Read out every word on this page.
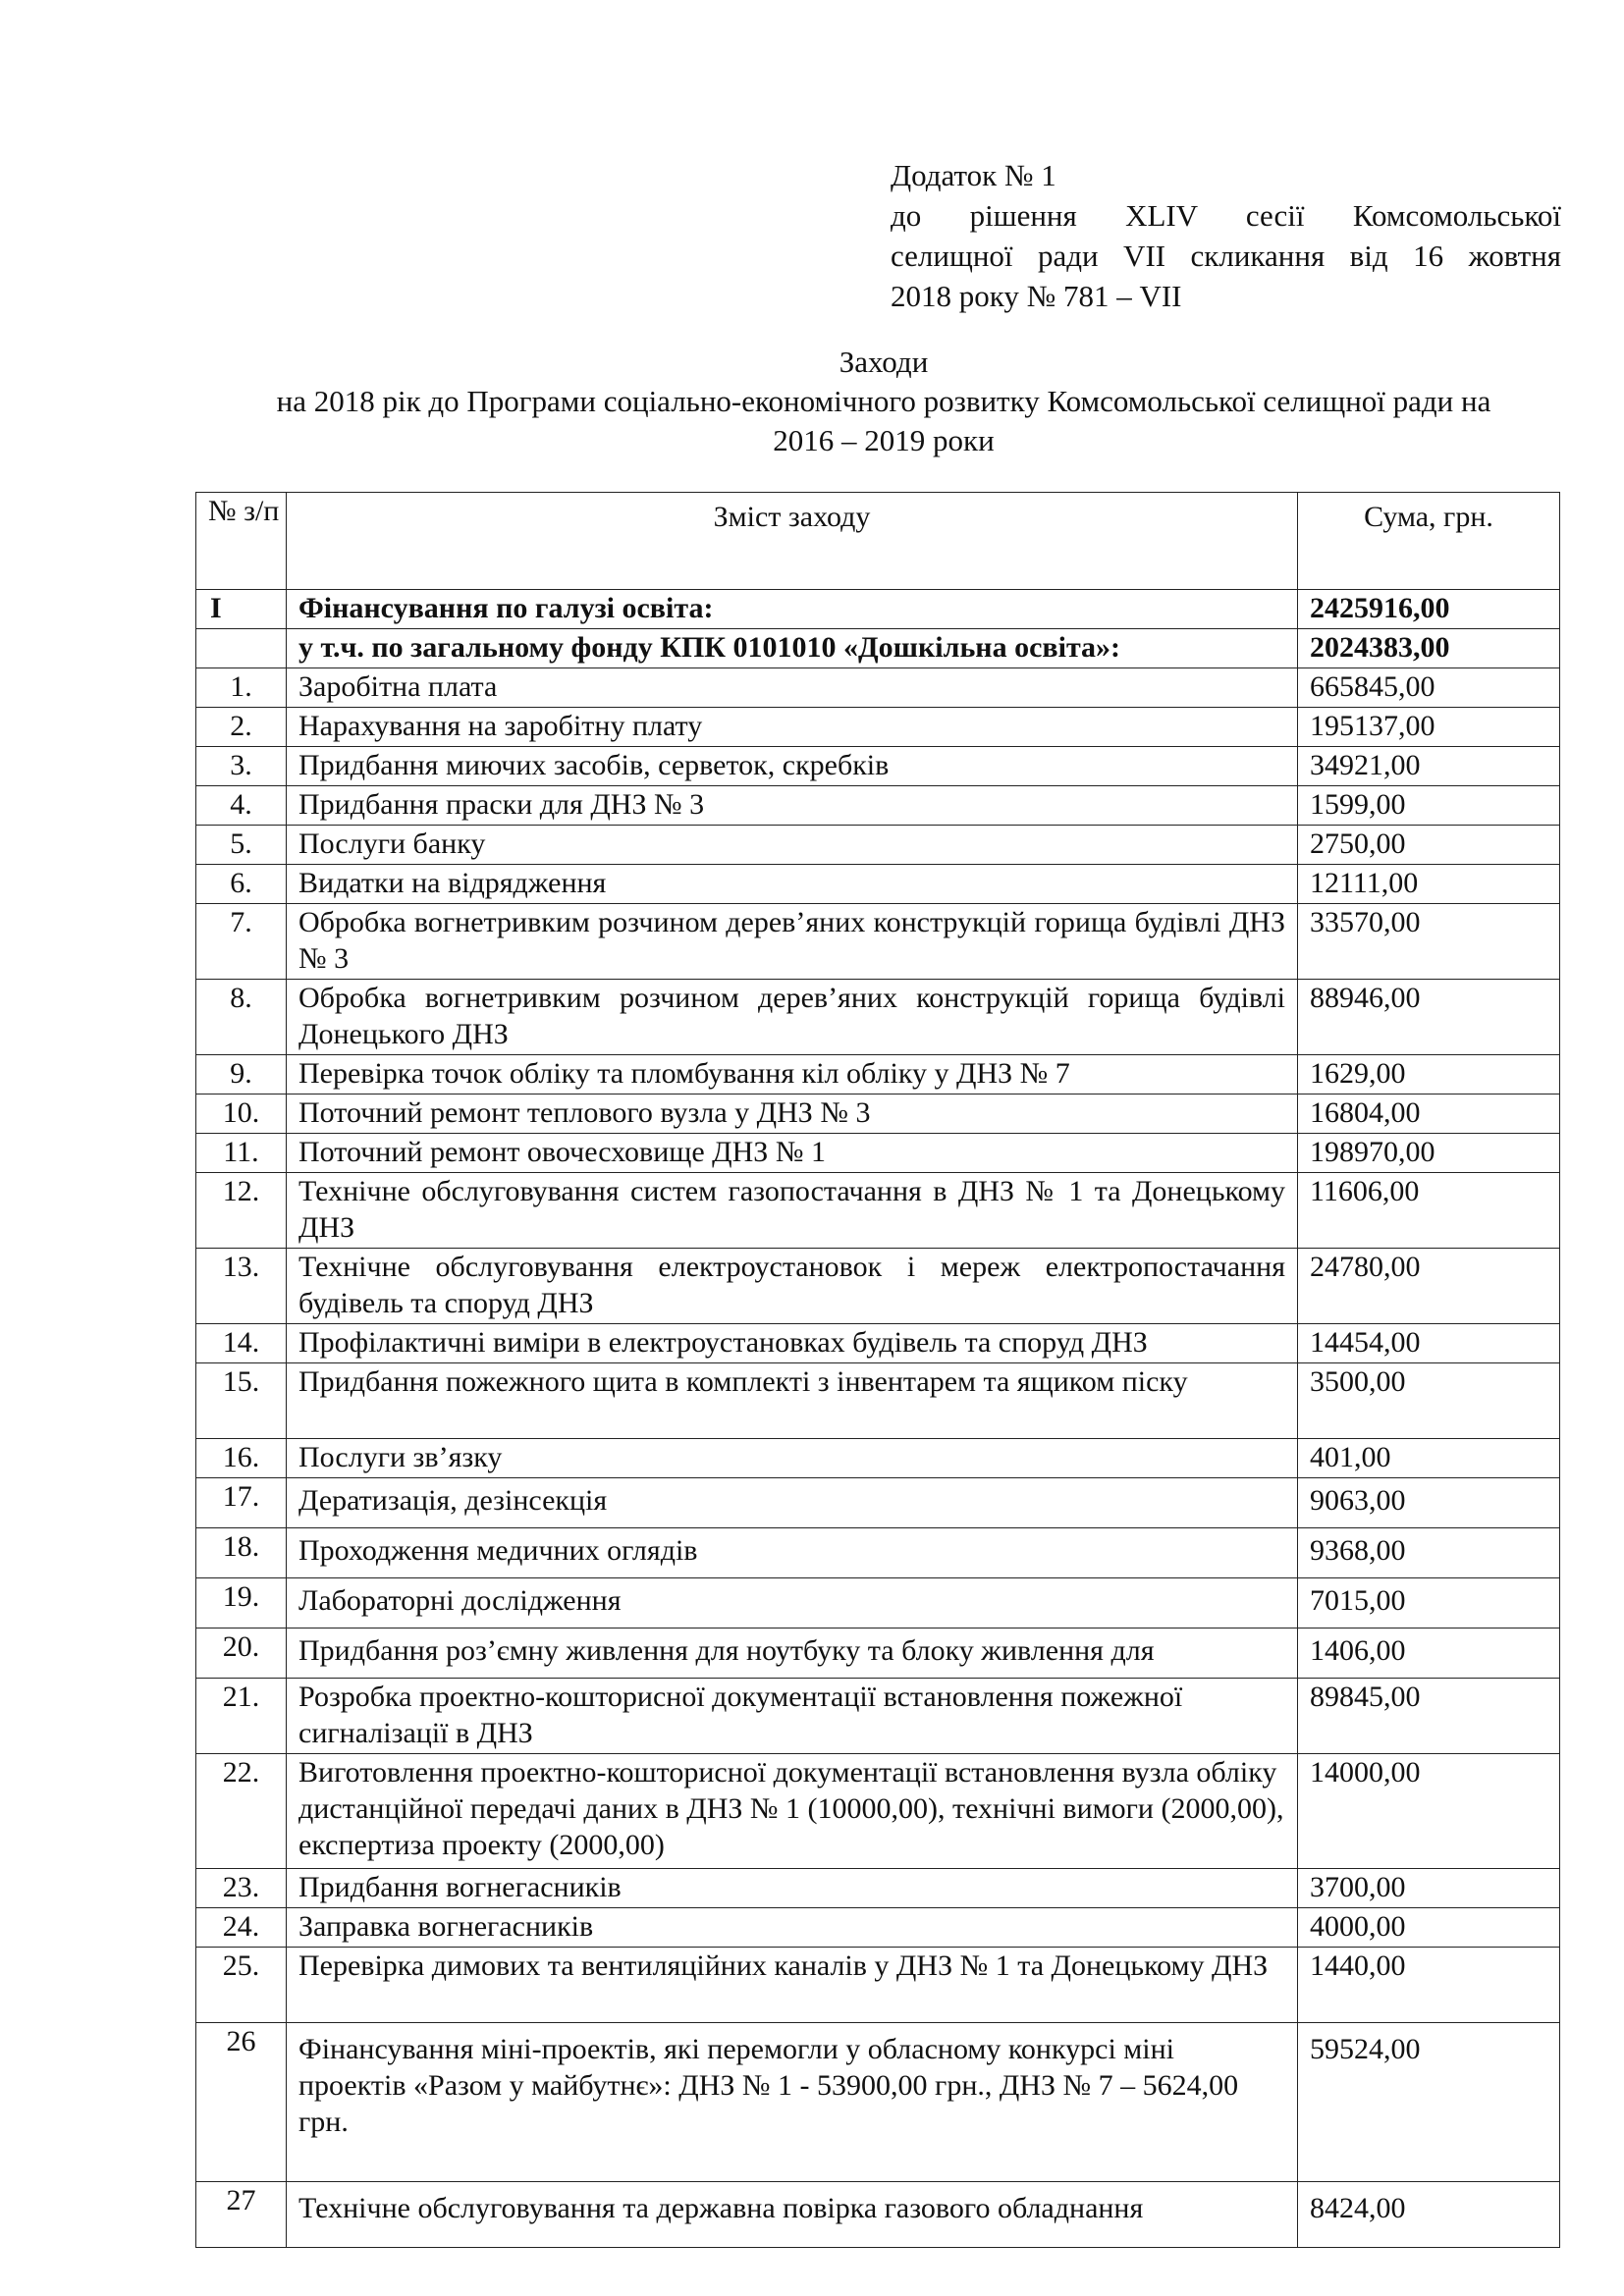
Додаток № 1
до рішення XLIV сесії Комсомольської
селищної ради VII скликання від 16 жовтня
2018 року № 781 – VII
Заходи
на 2018 рік до Програми соціально-економічного розвитку Комсомольської селищної ради на
2016 – 2019 роки
№ з/п	Зміст заходу	Сума, грн.
І	Фінансування по галузі освіта:	2425916,00
	у т.ч. по загальному фонду КПК 0101010 «Дошкільна освіта»:	2024383,00
1.	Заробітна плата	665845,00
2.	Нарахування на заробітну плату	195137,00
3.	Придбання миючих засобів, серветок, скребків	34921,00
4.	Придбання праски для ДНЗ № 3	1599,00
5.	Послуги банку	2750,00
6.	Видатки на відрядження	12111,00
7.	Обробка вогнетривким розчином дерев’яних конструкцій горища будівлі ДНЗ № 3	33570,00
8.	Обробка вогнетривким розчином дерев’яних конструкцій горища будівлі Донецького ДНЗ	88946,00
9.	Перевірка точок обліку та пломбування кіл обліку у ДНЗ № 7	1629,00
10.	Поточний ремонт теплового вузла у ДНЗ № 3	16804,00
11.	Поточний ремонт овочесховище ДНЗ № 1	198970,00
12.	Технічне обслуговування систем газопостачання в ДНЗ № 1 та Донецькому ДНЗ	11606,00
13.	Технічне обслуговування електроустановок і мереж електропостачання будівель та споруд ДНЗ	24780,00
14.	Профілактичні виміри в електроустановках будівель та споруд ДНЗ	14454,00
15.	Придбання пожежного щита в комплекті з інвентарем та ящиком піску	3500,00
16.	Послуги зв’язку	401,00
17.	Дератизація, дезінсекція	9063,00
18.	Проходження медичних оглядів	9368,00
19.	Лабораторні дослідження	7015,00
20.	Придбання роз’ємну живлення для ноутбуку та блоку живлення для	1406,00
21.	Розробка проектно-кошторисної документації встановлення пожежної сигналізації в ДНЗ	89845,00
22.	Виготовлення проектно-кошторисної документації встановлення вузла обліку дистанційної передачі даних в ДНЗ № 1 (10000,00), технічні вимоги (2000,00), експертиза проекту (2000,00)	14000,00
23.	Придбання вогнегасників	3700,00
24.	Заправка вогнегасників	4000,00
25.	Перевірка димових та вентиляційних каналів у ДНЗ № 1 та Донецькому ДНЗ	1440,00
26	Фінансування міні-проектів, які перемогли у обласному конкурсі міні проектів «Разом у майбутнє»: ДНЗ № 1 - 53900,00 грн., ДНЗ № 7 – 5624,00 грн.	59524,00
27	Технічне обслуговування та державна повірка газового обладнання	8424,00
